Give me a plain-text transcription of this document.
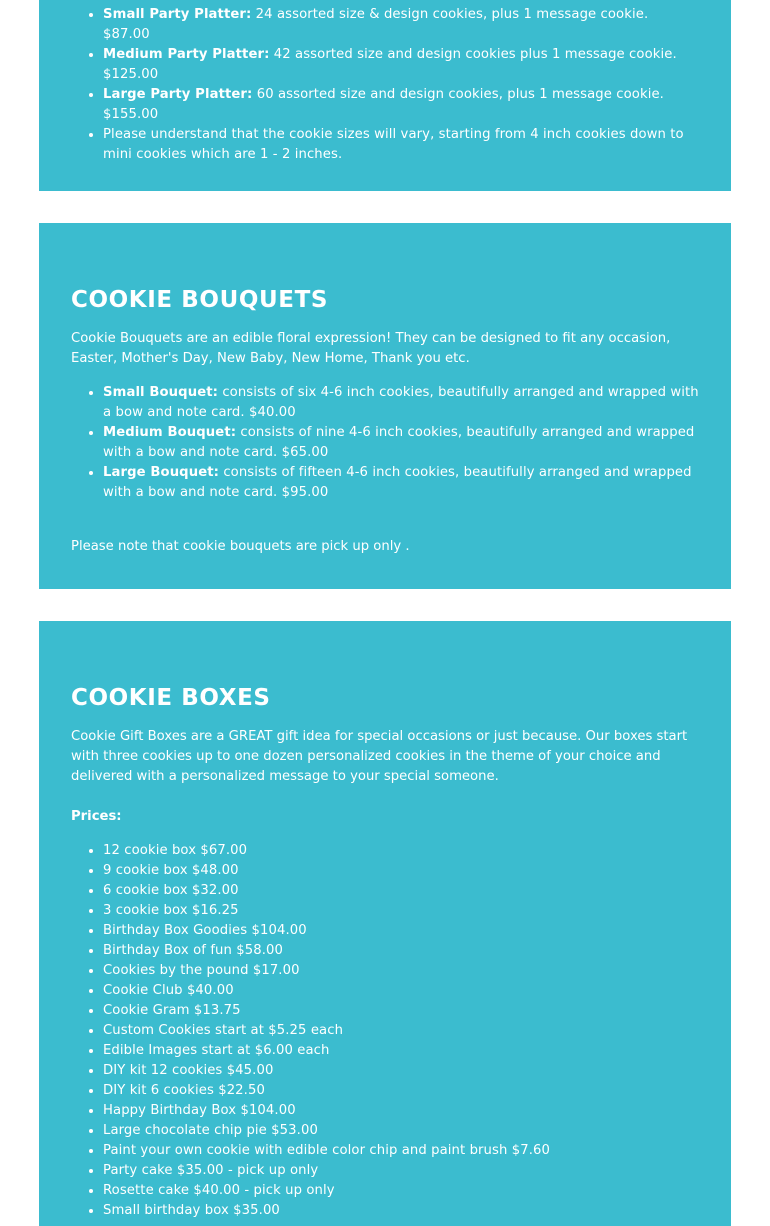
• Small Party Platter: 24 assorted size & design cookies, plus 1 message cookie. $87.00
• Medium Party Platter: 42 assorted size and design cookies plus 1 message cookie. $125.00
• Large Party Platter: 60 assorted size and design cookies, plus 1 message cookie. $155.00
• Please understand that the cookie sizes will vary, starting from 4 inch cookies down to mini cookies which are 1 - 2 inches.
COOKIE BOUQUETS

Cookie Bouquets are an edible floral expression! They can be designed to fit any occasion, Easter, Mother's Day, New Baby, New Home, Thank you etc.

• Small Bouquet: consists of six 4-6 inch cookies, beautifully arranged and wrapped with a bow and note card. $40.00
• Medium Bouquet: consists of nine 4-6 inch cookies, beautifully arranged and wrapped with a bow and note card. $65.00
• Large Bouquet: consists of fifteen 4-6 inch cookies, beautifully arranged and wrapped with a bow and note card. $95.00

Please note that cookie bouquets are pick up only .

COOKIE BOXES

Cookie Gift Boxes are a GREAT gift idea for special occasions or just because. Our boxes start with three cookies up to one dozen personalized cookies in the theme of your choice and delivered with a personalized message to your special someone.

Prices:

• 12 cookie box $67.00
• 9 cookie box $48.00
• 6 cookie box $32.00
• 3 cookie box $16.25
• Birthday Box Goodies $104.00
• Birthday Box of fun $58.00
• Cookies by the pound $17.00
• Cookie Club $40.00
• Cookie Gram $13.75
• Custom Cookies start at $5.25 each
• Edible Images start at $6.00 each
• DIY kit 12 cookies $45.00
• DIY kit 6 cookies $22.50
• Happy Birthday Box $104.00
• Large chocolate chip pie $53.00
• Paint your own cookie with edible color chip and paint brush $7.60
• Party cake $35.00 - pick up only
• Rosette cake $40.00 - pick up only
• Small birthday box $35.00
